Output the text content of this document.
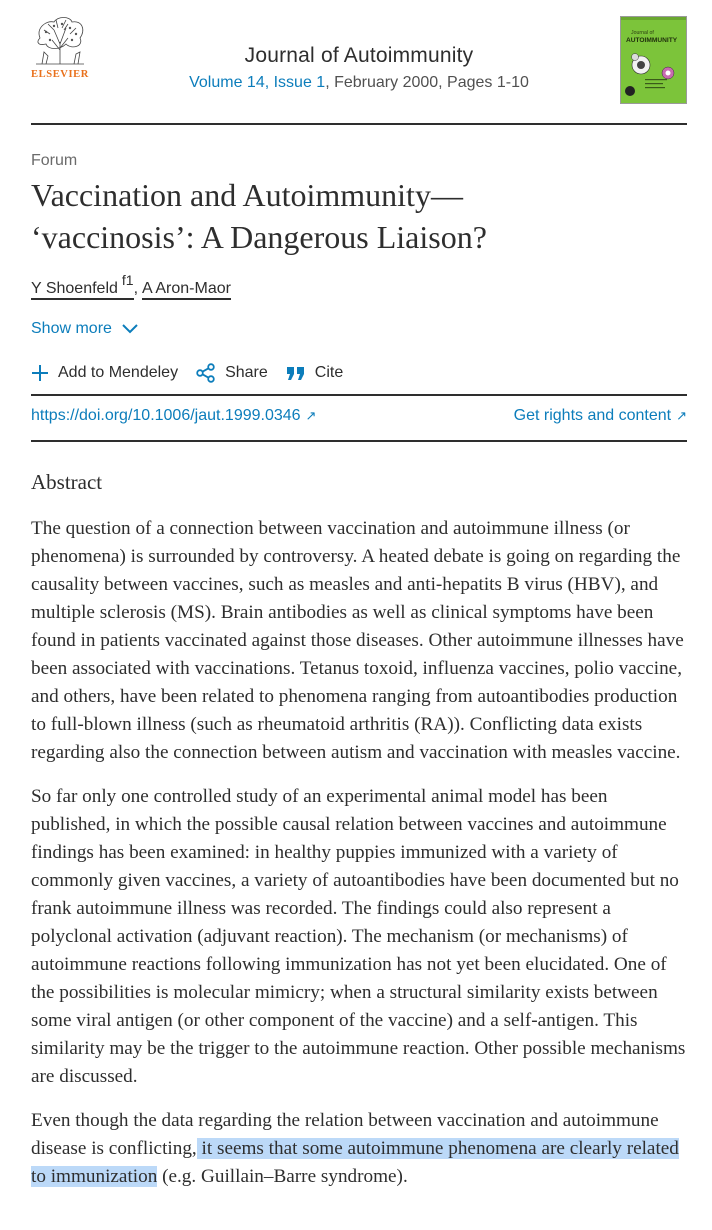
ELSEVIER
Journal of Autoimmunity
Volume 14, Issue 1, February 2000, Pages 1-10
Journal of
AUTOIMMUNITY
Forum
Vaccination and Autoimmunity—
‘vaccinosis’: A Dangerous Liaison?
Y Shoenfeld $^{f1}$, A Aron-Maor
Show more
Add to Mendeley	Share	Cite
https://doi.org/10.1006/jaut.1999.0346 ↗	Get rights and content ↗
Abstract

The question of a connection between vaccination and autoimmune illness (or phenomena) is surrounded by controversy. A heated debate is going on regarding the causality between vaccines, such as measles and anti-hepatits B virus (HBV), and multiple sclerosis (MS). Brain antibodies as well as clinical symptoms have been found in patients vaccinated against those diseases. Other autoimmune illnesses have been associated with vaccinations. Tetanus toxoid, influenza vaccines, polio vaccine, and others, have been related to phenomena ranging from autoantibodies production to full-blown illness (such as rheumatoid arthritis (RA)). Conflicting data exists regarding also the connection between autism and vaccination with measles vaccine.

So far only one controlled study of an experimental animal model has been published, in which the possible causal relation between vaccines and autoimmune findings has been examined: in healthy puppies immunized with a variety of commonly given vaccines, a variety of autoantibodies have been documented but no frank autoimmune illness was recorded. The findings could also represent a polyclonal activation (adjuvant reaction). The mechanism (or mechanisms) of autoimmune reactions following immunization has not yet been elucidated. One of the possibilities is molecular mimicry; when a structural similarity exists between some viral antigen (or other component of the vaccine) and a self-antigen. This similarity may be the trigger to the autoimmune reaction. Other possible mechanisms are discussed.

Even though the data regarding the relation between vaccination and autoimmune disease is conflicting, it seems that some autoimmune phenomena are clearly related to immunization (e.g. Guillain–Barre syndrome).
